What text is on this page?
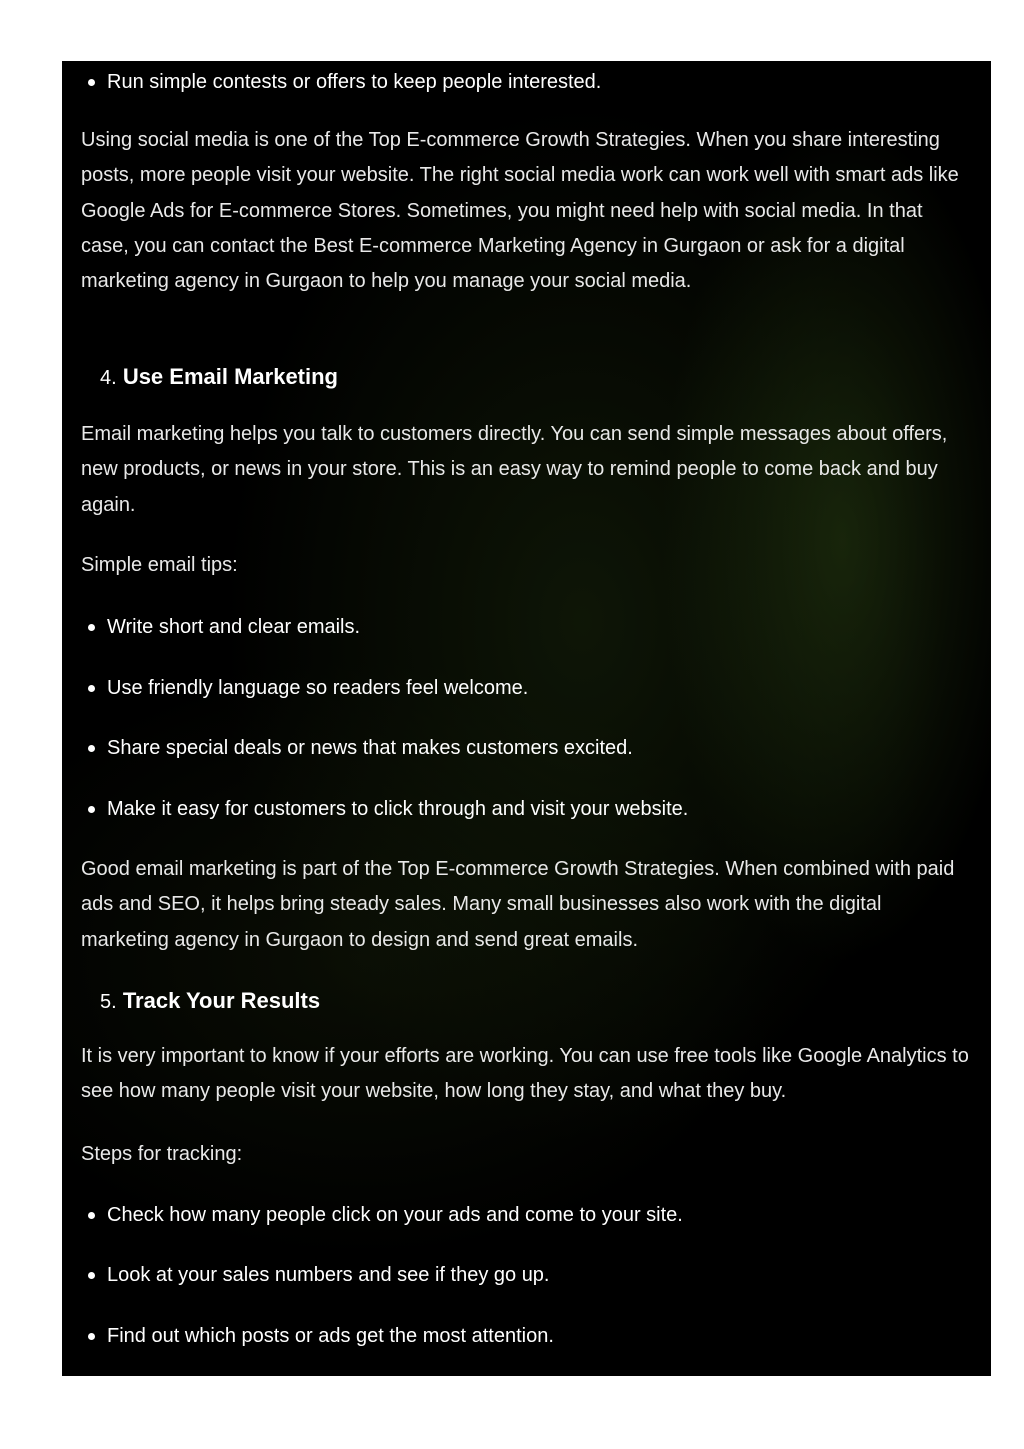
Run simple contests or offers to keep people interested.

Using social media is one of the Top E-commerce Growth Strategies. When you share interesting posts, more people visit your website. The right social media work can work well with smart ads like Google Ads for E-commerce Stores. Sometimes, you might need help with social media. In that case, you can contact the Best E-commerce Marketing Agency in Gurgaon or ask for a digital marketing agency in Gurgaon to help you manage your social media.

4. Use Email Marketing

Email marketing helps you talk to customers directly. You can send simple messages about offers, new products, or news in your store. This is an easy way to remind people to come back and buy again.

Simple email tips:

Write short and clear emails.
Use friendly language so readers feel welcome.
Share special deals or news that makes customers excited.
Make it easy for customers to click through and visit your website.

Good email marketing is part of the Top E-commerce Growth Strategies. When combined with paid ads and SEO, it helps bring steady sales. Many small businesses also work with the digital marketing agency in Gurgaon to design and send great emails.

5. Track Your Results

It is very important to know if your efforts are working. You can use free tools like Google Analytics to see how many people visit your website, how long they stay, and what they buy.

Steps for tracking:

Check how many people click on your ads and come to your site.
Look at your sales numbers and see if they go up.
Find out which posts or ads get the most attention.
